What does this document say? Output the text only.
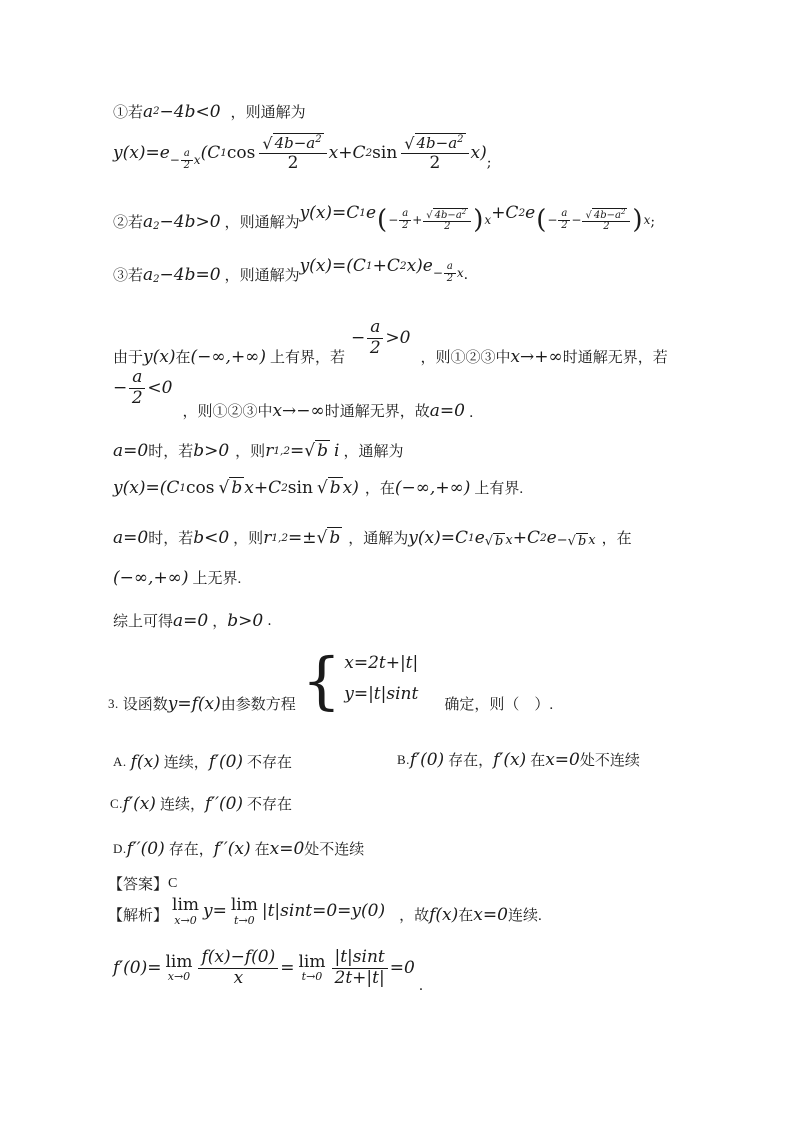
①若 a 2 −4b<0 ， 则通解为
$y(x)=e - \frac{a}{2}$ x (C 1 $\cos \frac{√ 4b-a^2}{2} x+C$ 2 $\sin \frac{√ 4b-a^2}{2} x$) ;
②若 a 2 −4b>0 ， 则通解为 y(x)=C 1 e ( − $\frac{a}{2} + \frac{√ 4b-a^2}{2}$ ) x +C 2 e ( − $\frac{a}{2} - \frac{√ 4b-a^2}{2}$ ) x ;
③若 a 2 −4b=0 ， 则通解为 y(x)=(C 1 +C 2 $x)e - \frac{a}{2}$ x .
由于 y(x) 在 (−∞,+∞) 上有界，若
− $\frac{a}{2} >0$
，则①②③中 x→+∞ 时通解无界，若
− $\frac{a}{2} <0$
，则①②③中 x→−∞ 时通解无界，故 a=0 .
a=0 时，若 b>0 ，则 r 1,2 = √ b i ，通解为
y(x)=(C 1 cos √ b x+C 2 sin √ b x) ，在 (−∞,+∞) 上有界.
a=0 时，若 b<0 ，则 r 1,2 =± √ b ，通解为 y(x)=C 1 e √ b x +C 2 e − √ b x ，在
(−∞,+∞) 上无界.
综上可得 a=0 ， b>0 .
3. 设函数 y=f(x) 由参数方程 { x=2t+|t|
y=|t|sint
确定，则（　）.
A. f(x) 连续， f′(0) 不存在	B. f′(0) 存在， f′(x) 在 x=0 处不连续
C. f′(x) 连续， f′′(0) 不存在
D. f′′(0) 存在， f′′(x) 在 x=0 处不连续
【答案】 C
【解析】
lim
x→0 y= lim
t→0 |t|sint=0=y(0) ，故 f(x) 在 x=0 连续.
f′(0)= lim
$x\to 0 \frac{f(x)-f(0)}{x} = \lim$
$t\to 0 \frac{|t|\sin t}{2t+|t|} =0$
.
